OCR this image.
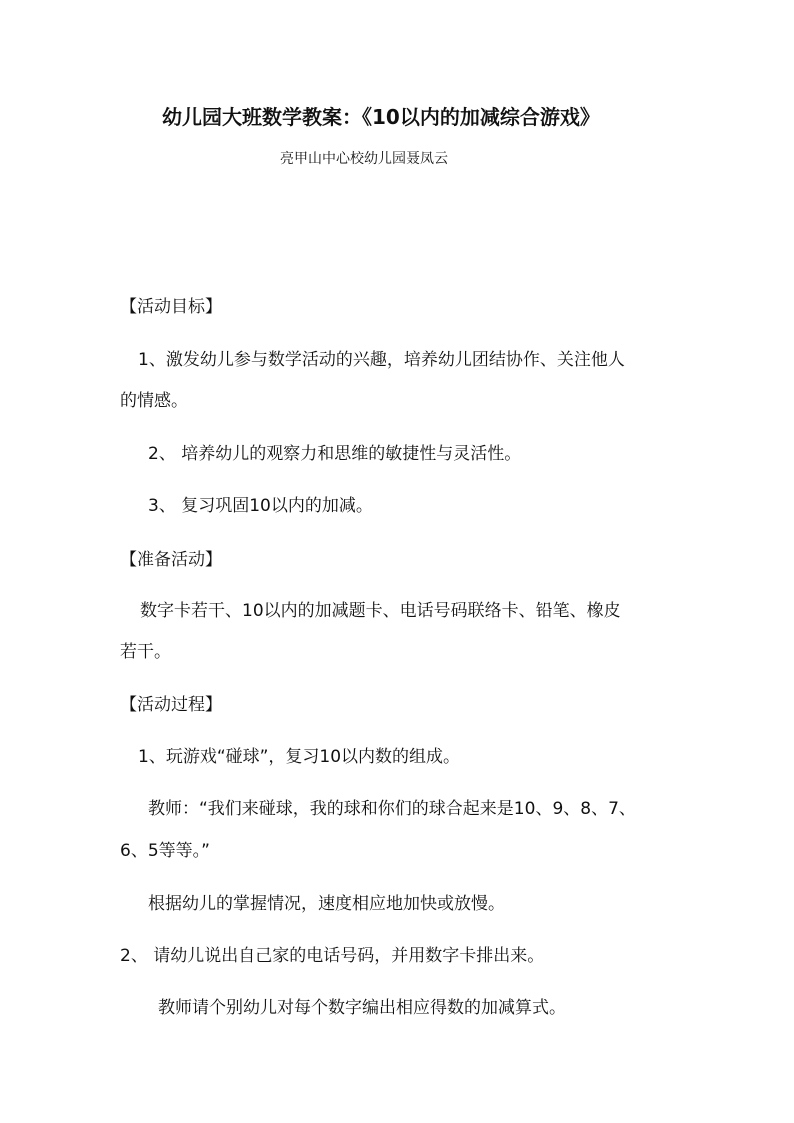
幼儿园大班数学教案：《10以内的加减综合游戏》
亮甲山中心校幼儿园聂凤云
【活动目标】
1、激发幼儿参与数学活动的兴趣，培养幼儿团结协作、关注他人
的情感。
2、 培养幼儿的观察力和思维的敏捷性与灵活性。
3、 复习巩固10以内的加减。
【准备活动】
数字卡若干、10以内的加减题卡、电话号码联络卡、铅笔、橡皮
若干。
【活动过程】
1、玩游戏“碰球”，复习10以内数的组成。
教师：“我们来碰球，我的球和你们的球合起来是10、9、8、7、
6、5等等。”
根据幼儿的掌握情况，速度相应地加快或放慢。
2、 请幼儿说出自己家的电话号码，并用数字卡排出来。
教师请个别幼儿对每个数字编出相应得数的加减算式。
